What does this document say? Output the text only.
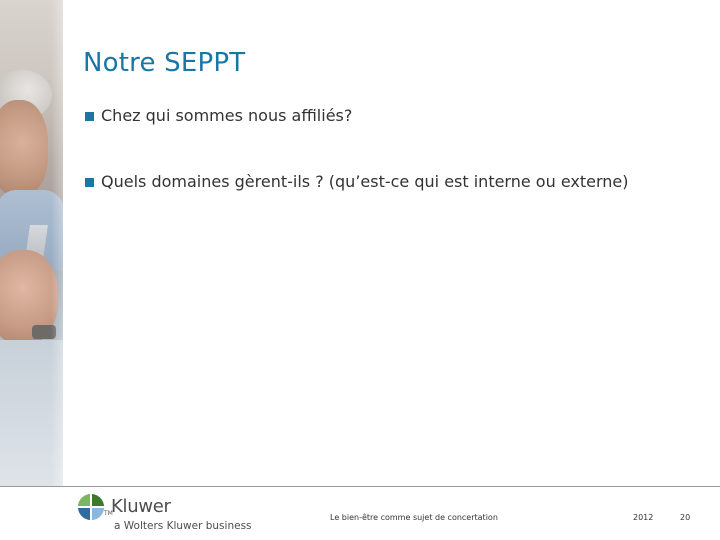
Notre SEPPT
Chez qui sommes nous affiliés?
Quels domaines gèrent-ils ? (qu’est-ce qui est interne ou externe)
TM
Kluwer
a Wolters Kluwer business
Le bien-être comme sujet de concertation	2012	20
